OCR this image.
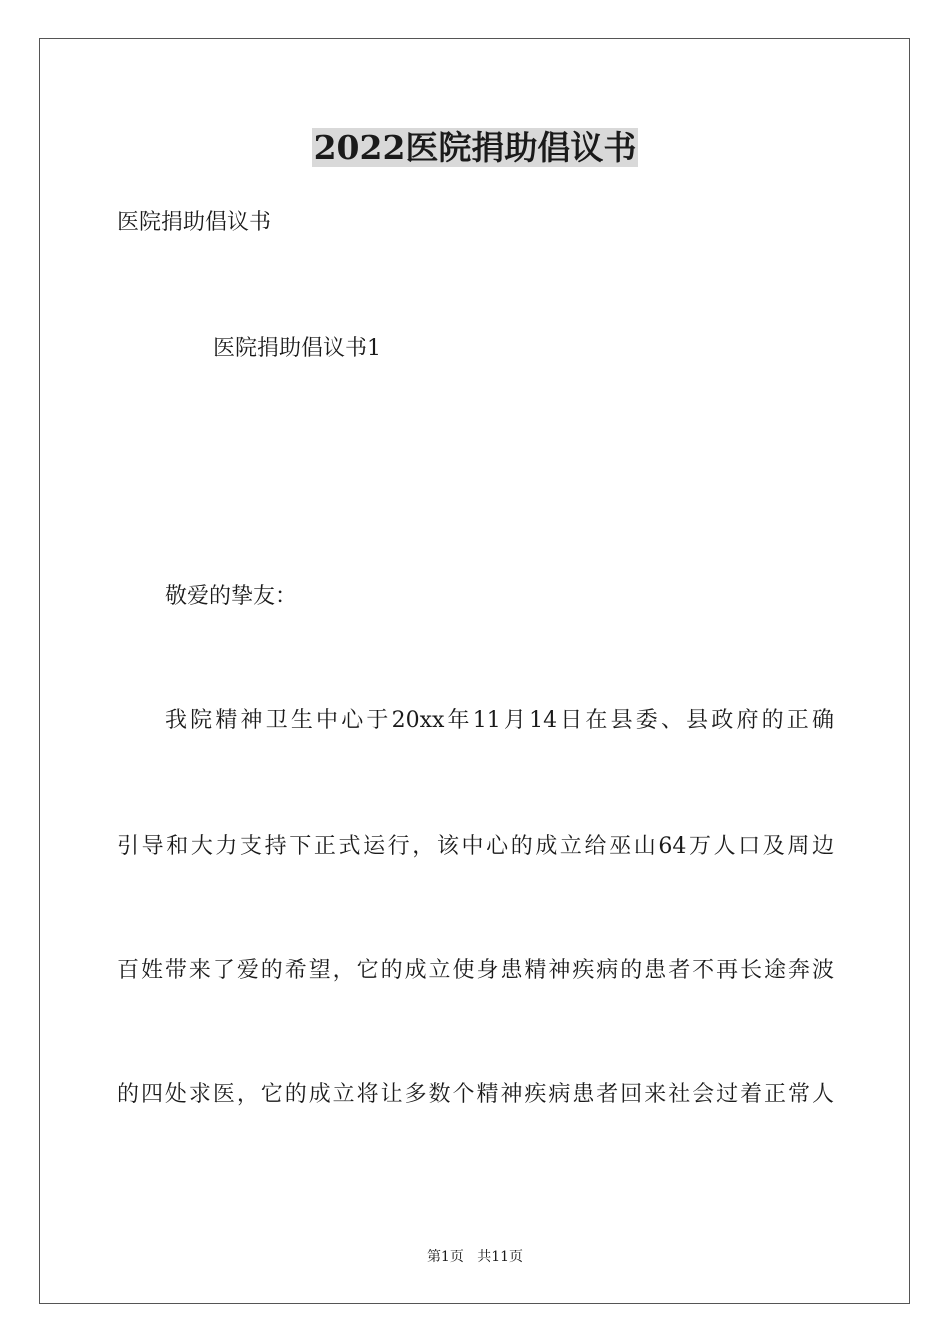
2022医院捐助倡议书
医院捐助倡议书
医院捐助倡议书1
敬爱的挚友：
我院精神卫生中心于20xx年11月14日在县委、县政府的正确
引导和大力支持下正式运行，该中心的成立给巫山64万人口及周边
百姓带来了爱的希望，它的成立使身患精神疾病的患者不再长途奔波
的四处求医，它的成立将让多数个精神疾病患者回来社会过着正常人
第1页 共11页
